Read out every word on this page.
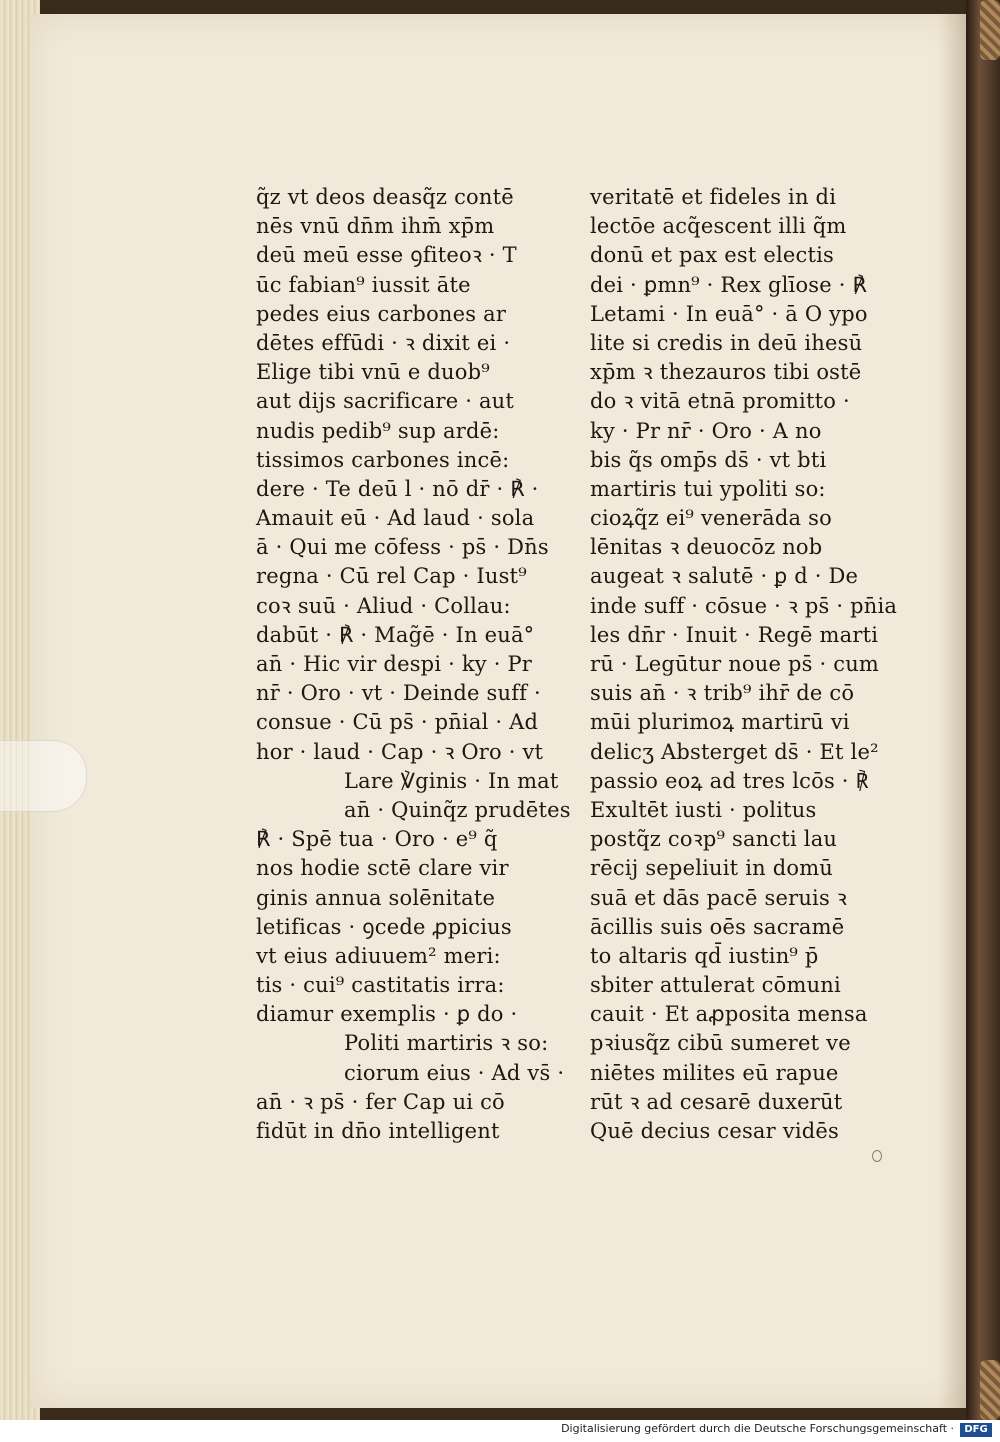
q̃z vt deos deasq̃z contē
nēs vnū dn̄m ihm̄ xp̄m
deū meū esse ꝯfiteoꝛ · T
ūc fabian⁹ iussit āte
pedes eius carbones ar
dētes effūdi · ꝛ dixit ei ·
Elige tibi vnū e duob⁹
aut dijs sacrificare · aut
nudis pedib⁹ sup ardē:
tissimos carbones incē:
dere · Te deū l · nō dr̄ · ℟ ·
Amauit eū · Ad laud · sola
ā · Qui me cōfess · ps̄ · Dn̄s
regna · Cū rel Cap · Iust⁹
coꝛ suū · Aliud · Collau:
dabūt · ℟ · Mag̃ē · In euā°
an̄ · Hic vir despi · ky · Pr
nr̄ · Oro · vt · Deinde suff ·
consue · Cū ps̄ · pn̄ial · Ad
hor · laud · Cap · ꝛ Oro · vt
Lare ℣ginis · In mat
an̄ · Quinq̃z prudētes
℟ · Spē tua · Oro · e⁹ q̃
nos hodie sctē clare vir
ginis annua solēnitate
letificas · ꝯcede ꝓpicius
vt eius adiuuem² meri:
tis · cui⁹ castitatis irra:
diamur exemplis · ꝑ do ·
Politi martiris ꝛ so:
ciorum eius · Ad vs̄ ·
an̄ · ꝛ ps̄ · fer Cap ui cō
fidūt in dn̄o intelligent
veritatē et fideles in di
lectōe acq̃escent illi q̃m
donū et pax est electis
dei · ꝑmn⁹ · Rex glīose · ℟
Letami · In euā° · ā O ypo
lite si credis in deū ihesū
xp̄m ꝛ thezauros tibi ostē
do ꝛ vitā etnā promitto ·
ky · Pr nr̄ · Oro · A no
bis q̃s omp̄s ds̄ · vt bti
martiris tui ypoliti so:
cioꝝq̃z ei⁹ venerāda so
lēnitas ꝛ deuocōz nob
augeat ꝛ salutē · ꝑ d · De
inde suff · cōsue · ꝛ ps̄ · pn̄ia
les dn̄r · Inuit · Regē marti
rū · Legūtur noue ps̄ · cum
suis an̄ · ꝛ trib⁹ ihr̄ de cō
mūi plurimoꝝ martirū vi
delicʒ Absterget ds̄ · Et le²
passio eoꝝ ad tres lcōs · ℟
Exultēt iusti · politus
postq̃z coꝛp⁹ sancti lau
rēcij sepeliuit in domū
suā et dās pacē seruis ꝛ
ācillis suis oēs sacramē
to altaris qd̄ iustin⁹ p̄
sbiter attulerat cōmuni
cauit · Et aꝓposita mensa
pꝛiusq̃z cibū sumeret ve
niētes milites eū rapue
rūt ꝛ ad cesarē duxerūt
Quē decius cesar vidēs
Digitalisierung gefördert durch die Deutsche Forschungsgemeinschaft ·	DFG
